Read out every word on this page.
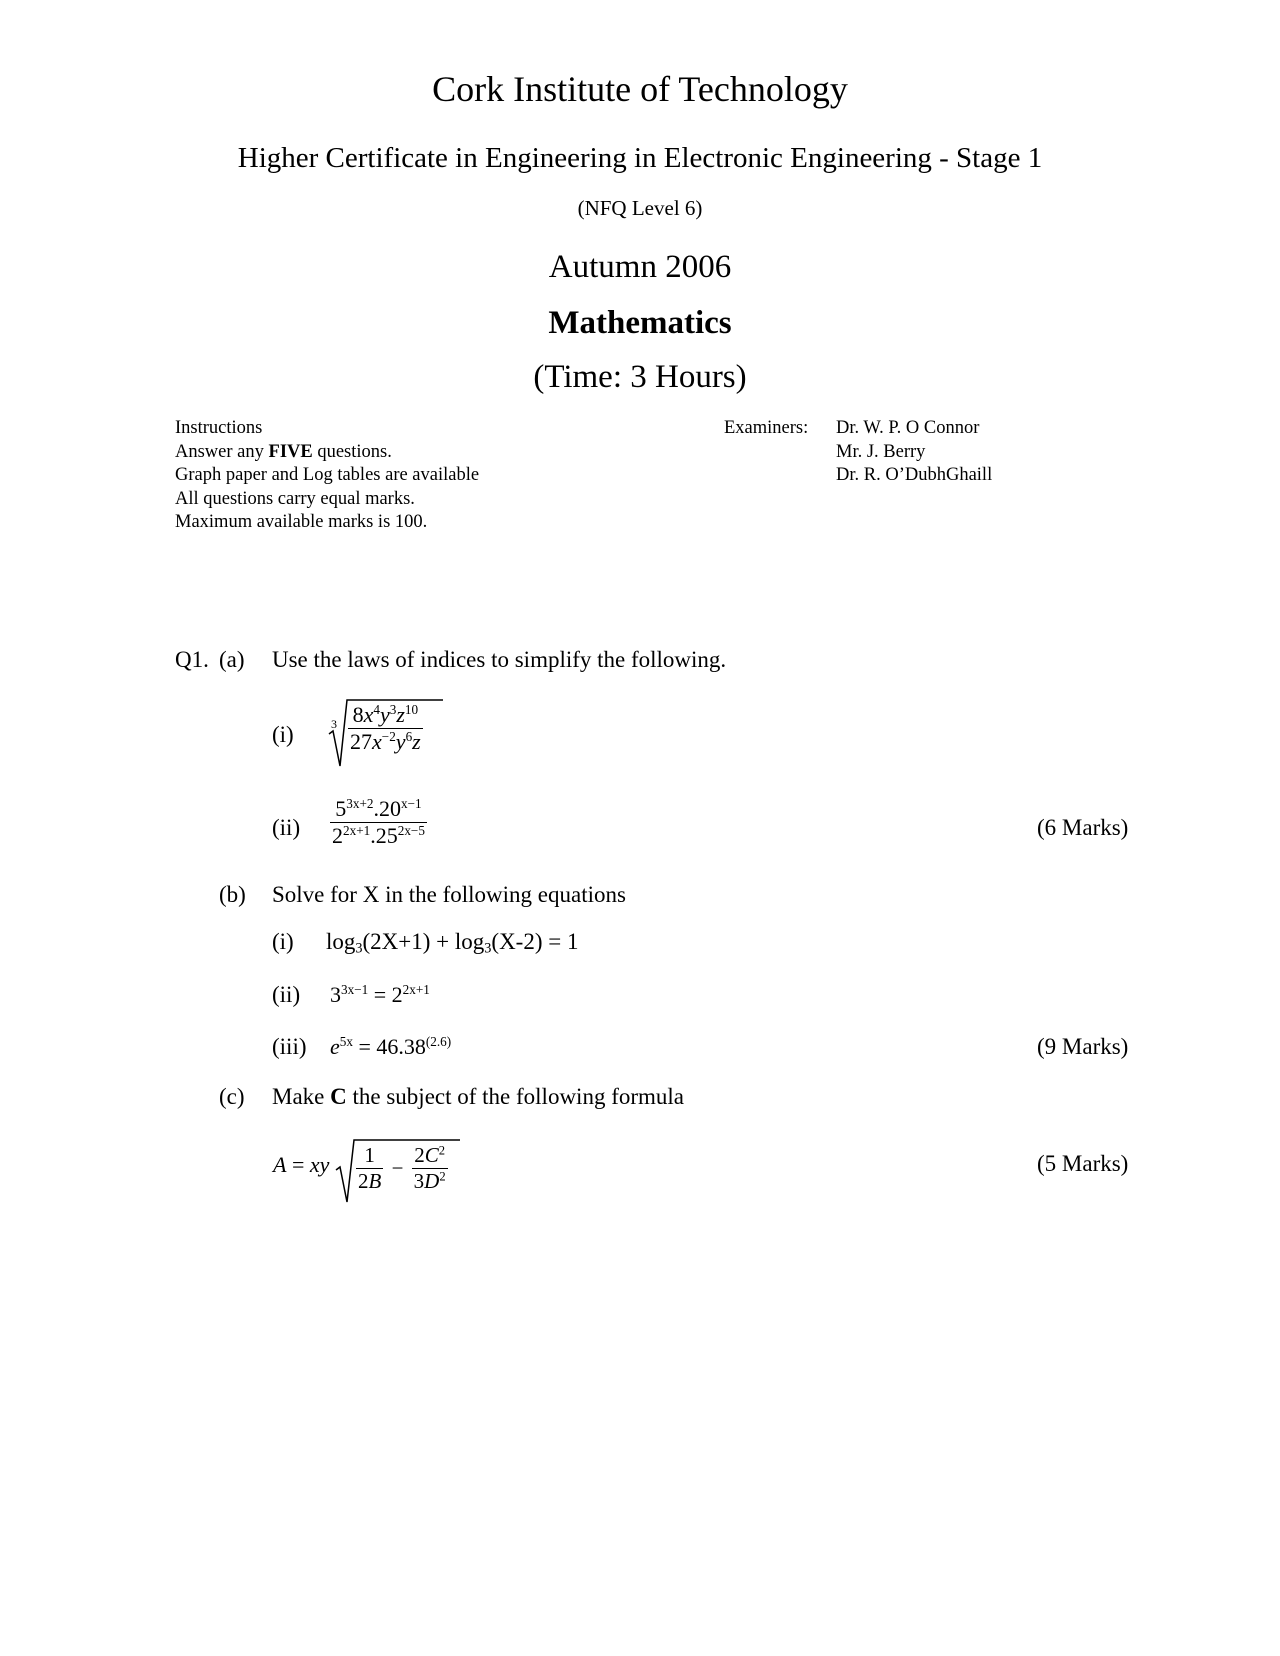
Cork Institute of Technology
Higher Certificate in Engineering in Electronic Engineering - Stage 1
(NFQ Level 6)
Autumn 2006
Mathematics
(Time: 3 Hours)
Instructions
Answer any FIVE questions.
Graph paper and Log tables are available
All questions carry equal marks.
Maximum available marks is 100.
Examiners: Dr. W. P. O Connor
Mr. J. Berry
Dr. R. O’DubhGhaill
Q1. (a) Use the laws of indices to simplify the following.
(i)	$3 \frac{8x^4y^3z^{10}}{27x^{-2}y^6z}$
$(ii) \frac{5^{3x+2}.20^{x-1}}{2^{2x+1}.25^{2x-5}}$	(6 Marks)
(b) Solve for X in the following equations
(i) $\log_3(2X+1) + \log_3(X-2) = 1$
(ii) $3^{3x-1} = 2^{2x+1}$
(iii) $e^{5x} = 46.38^{(2.6)}$	(9 Marks)
(c) Make C the subject of the following formula
A = xy $\frac{1}{2B} - \frac{2C^2}{3D^2}$	(5 Marks)
